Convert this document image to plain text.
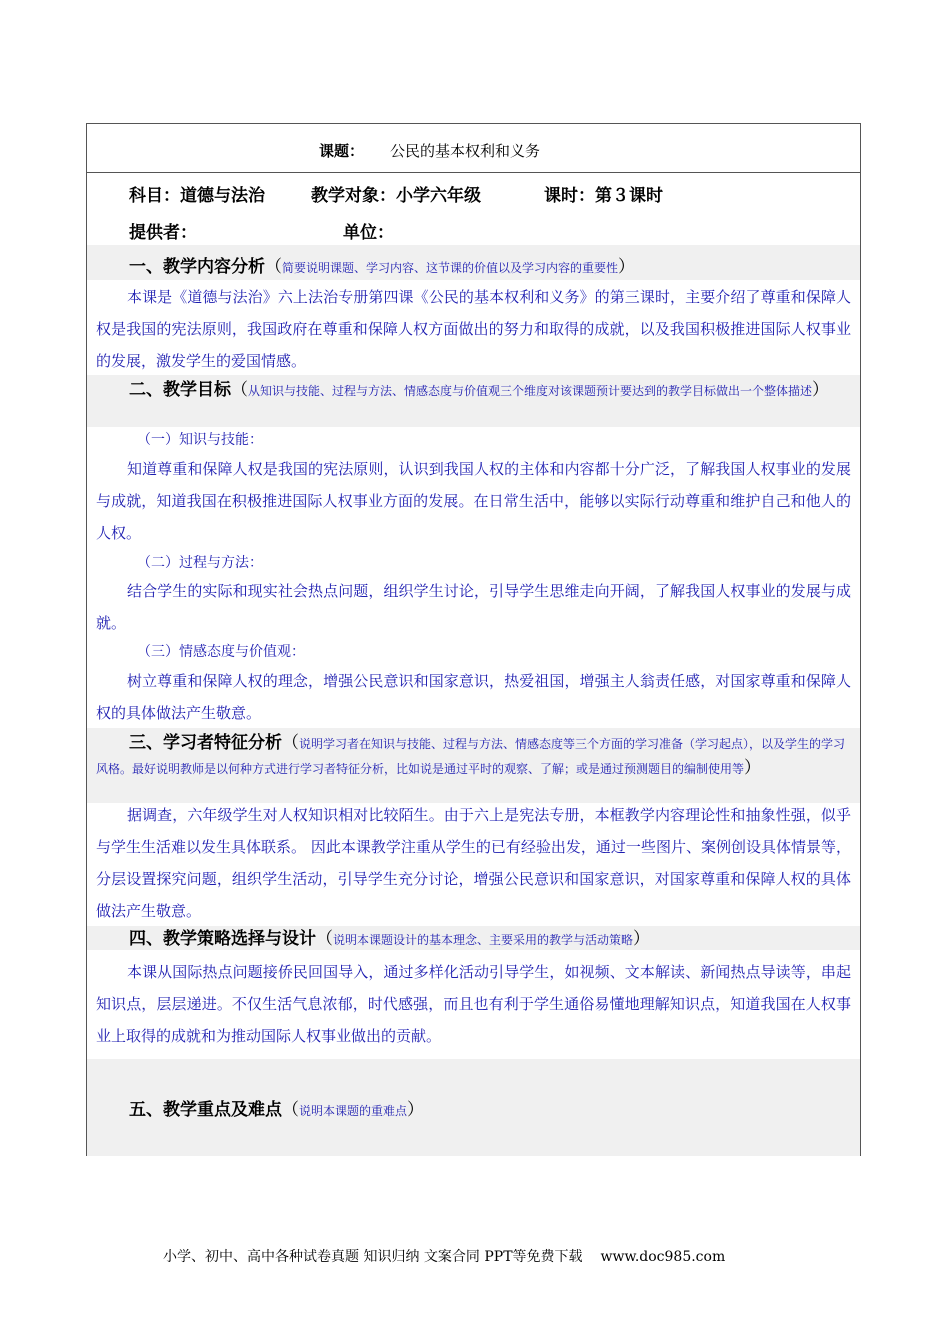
课题： 公民的基本权利和义务
科目：道德与法治	教学对象：小学六年级	课时：第３课时
提供者：	单位：
一、教学内容分析（简要说明课题、学习内容、这节课的价值以及学习内容的重要性）
本课是《道德与法治》六上法治专册第四课《公民的基本权利和义务》的第三课时，主要介绍了尊重和保障人权是我国的宪法原则，我国政府在尊重和保障人权方面做出的努力和取得的成就，以及我国积极推进国际人权事业的发展，激发学生的爱国情感。
二、教学目标（从知识与技能、过程与方法、情感态度与价值观三个维度对该课题预计要达到的教学目标做出一个整体描述）
（一）知识与技能：
知道尊重和保障人权是我国的宪法原则，认识到我国人权的主体和内容都十分广泛，了解我国人权事业的发展与成就，知道我国在积极推进国际人权事业方面的发展。在日常生活中，能够以实际行动尊重和维护自己和他人的人权。
（二）过程与方法：
结合学生的实际和现实社会热点问题，组织学生讨论，引导学生思维走向开阔，了解我国人权事业的发展与成就。
（三）情感态度与价值观：
树立尊重和保障人权的理念，增强公民意识和国家意识，热爱祖国，增强主人翁责任感，对国家尊重和保障人权的具体做法产生敬意。
三、学习者特征分析（说明学习者在知识与技能、过程与方法、情感态度等三个方面的学习准备（学习起点），以及学生的学习风格。最好说明教师是以何种方式进行学习者特征分析，比如说是通过平时的观察、了解；或是通过预测题目的编制使用等）
据调查，六年级学生对人权知识相对比较陌生。由于六上是宪法专册，本框教学内容理论性和抽象性强，似乎与学生生活难以发生具体联系。 因此本课教学注重从学生的已有经验出发，通过一些图片、案例创设具体情景等，分层设置探究问题，组织学生活动，引导学生充分讨论，增强公民意识和国家意识，对国家尊重和保障人权的具体做法产生敬意。
四、教学策略选择与设计（说明本课题设计的基本理念、主要采用的教学与活动策略）
本课从国际热点问题接侨民回国导入，通过多样化活动引导学生，如视频、文本解读、新闻热点导读等，串起知识点，层层递进。不仅生活气息浓郁，时代感强，而且也有利于学生通俗易懂地理解知识点，知道我国在人权事业上取得的成就和为推动国际人权事业做出的贡献。
五、教学重点及难点（说明本课题的重难点）
小学、初中、高中各种试卷真题 知识归纳 文案合同 PPT等免费下载 www.doc985.com
